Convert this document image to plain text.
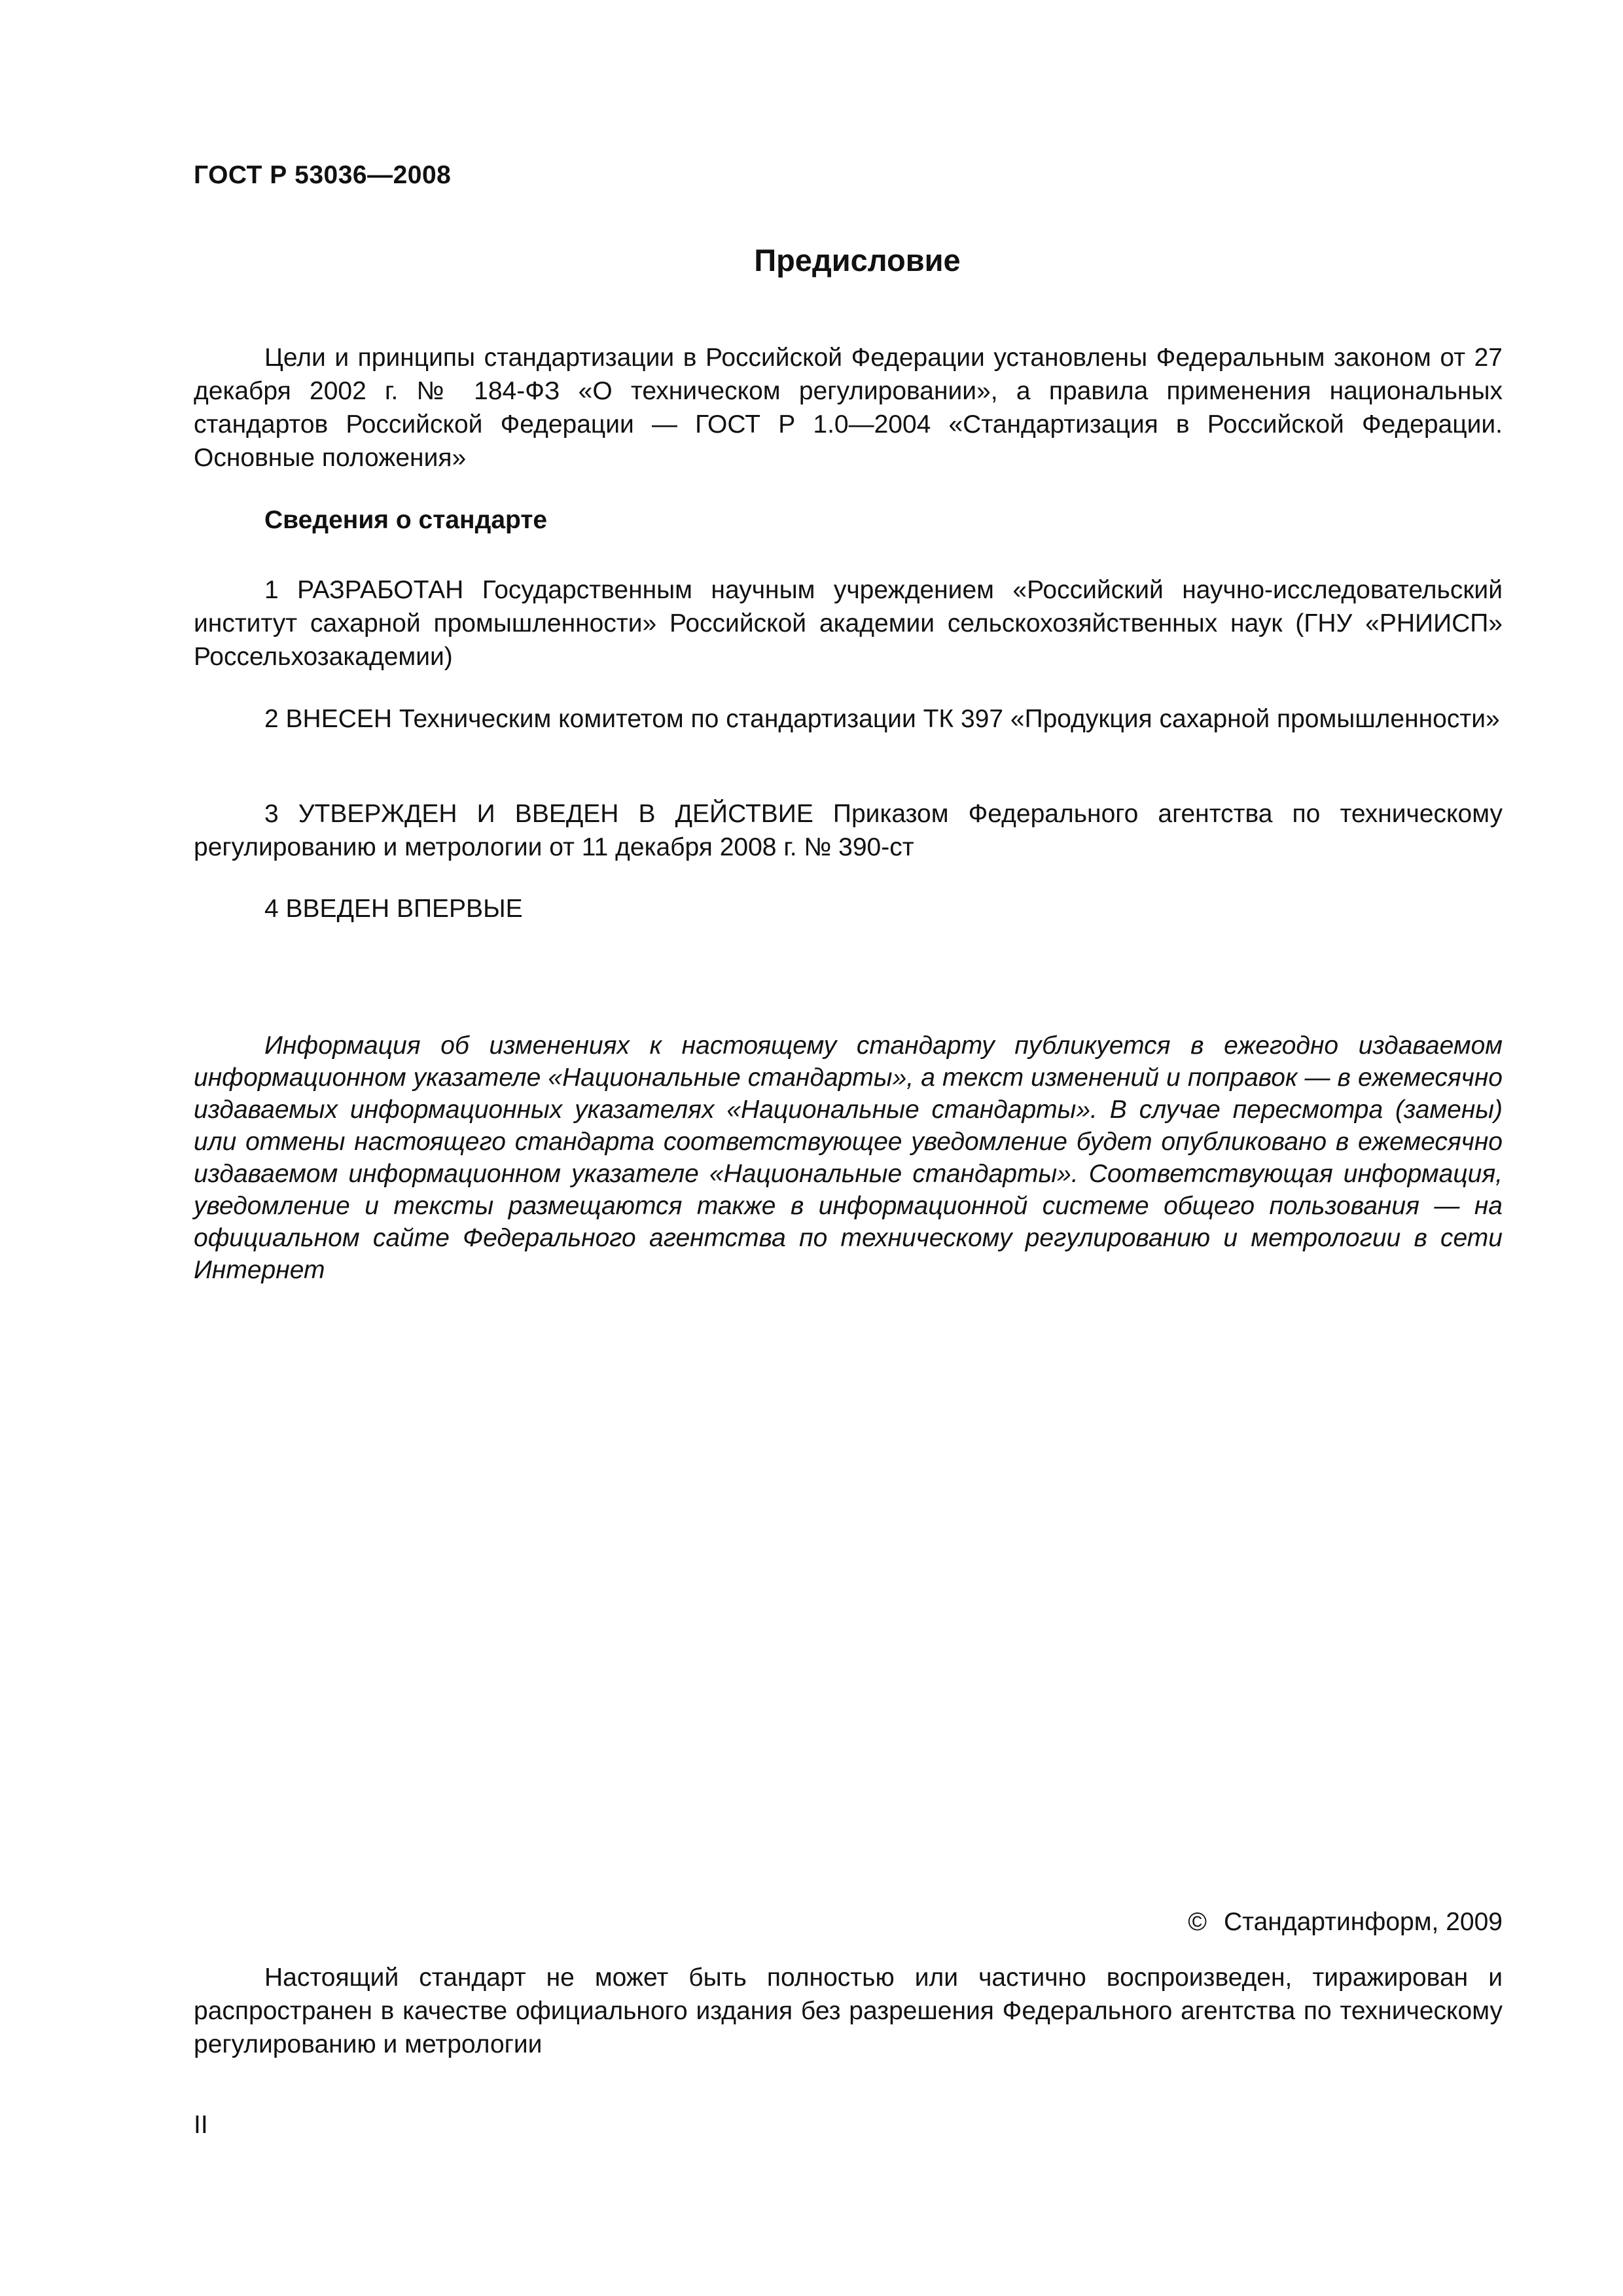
ГОСТ Р 53036—2008
Предисловие

Цели и принципы стандартизации в Российской Федерации установлены Федеральным законом от 27 декабря 2002 г. № 184-ФЗ «О техническом регулировании», а правила применения национальных стандартов Российской Федерации — ГОСТ Р 1.0—2004 «Стандартизация в Российской Федерации. Основные положения»

Сведения о стандарте

1 РАЗРАБОТАН Государственным научным учреждением «Российский научно-исследовательский институт сахарной промышленности» Российской академии сельскохозяйственных наук (ГНУ «РНИИСП» Россельхозакадемии)

2 ВНЕСЕН Техническим комитетом по стандартизации ТК 397 «Продукция сахарной промышленности»

3 УТВЕРЖДЕН И ВВЕДЕН В ДЕЙСТВИЕ Приказом Федерального агентства по техническому регулированию и метрологии от 11 декабря 2008 г. № 390-ст

4 ВВЕДЕН ВПЕРВЫЕ

Информация об изменениях к настоящему стандарту публикуется в ежегодно издаваемом информационном указателе «Национальные стандарты», а текст изменений и поправок — в ежемесячно издаваемых информационных указателях «Национальные стандарты». В случае пересмотра (замены) или отмены настоящего стандарта соответствующее уведомление будет опубликовано в ежемесячно издаваемом информационном указателе «Национальные стандарты». Соответствующая информация, уведомление и тексты размещаются также в информационной системе общего пользования — на официальном сайте Федерального агентства по техническому регулированию и метрологии в сети Интернет

© Стандартинформ, 2009

Настоящий стандарт не может быть полностью или частично воспроизведен, тиражирован и распространен в качестве официального издания без разрешения Федерального агентства по техническому регулированию и метрологии

II
